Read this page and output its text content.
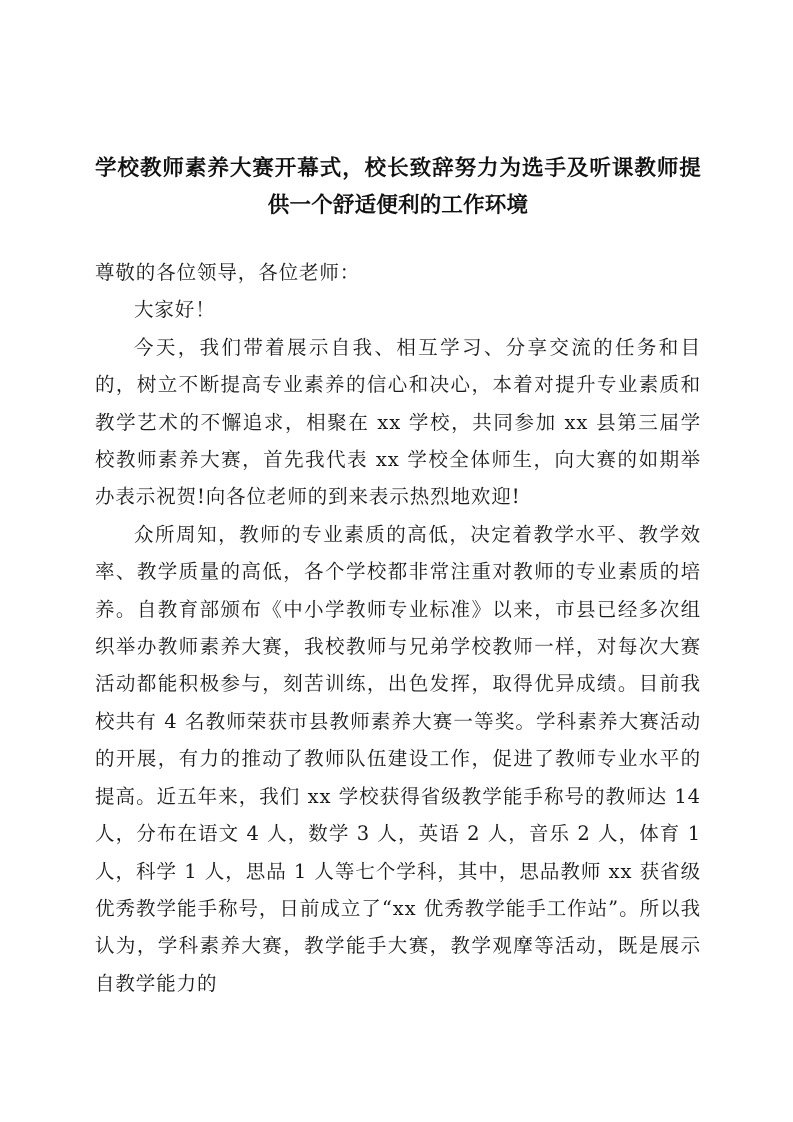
学校教师素养大赛开幕式，校长致辞努力为选手及听课教师提
供一个舒适便利的工作环境

尊敬的各位领导，各位老师：

大家好！

今天，我们带着展示自我、相互学习、分享交流的任务和目的，树立不断提高专业素养的信心和决心，本着对提升专业素质和教学艺术的不懈追求，相聚在 xx 学校，共同参加 xx 县第三届学校教师素养大赛，首先我代表 xx 学校全体师生，向大赛的如期举办表示祝贺!向各位老师的到来表示热烈地欢迎!

众所周知，教师的专业素质的高低，决定着教学水平、教学效率、教学质量的高低，各个学校都非常注重对教师的专业素质的培养。自教育部颁布《中小学教师专业标准》以来，市县已经多次组织举办教师素养大赛，我校教师与兄弟学校教师一样，对每次大赛活动都能积极参与，刻苦训练，出色发挥，取得优异成绩。目前我校共有 4 名教师荣获市县教师素养大赛一等奖。学科素养大赛活动的开展，有力的推动了教师队伍建设工作，促进了教师专业水平的提高。近五年来，我们 xx 学校获得省级教学能手称号的教师达 14 人，分布在语文 4 人，数学 3 人，英语 2 人，音乐 2 人，体育 1 人，科学 1 人，思品 1 人等七个学科，其中，思品教师 xx 获省级优秀教学能手称号，日前成立了“xx 优秀教学能手工作站”。所以我认为，学科素养大赛，教学能手大赛，教学观摩等活动，既是展示自教学能力的
